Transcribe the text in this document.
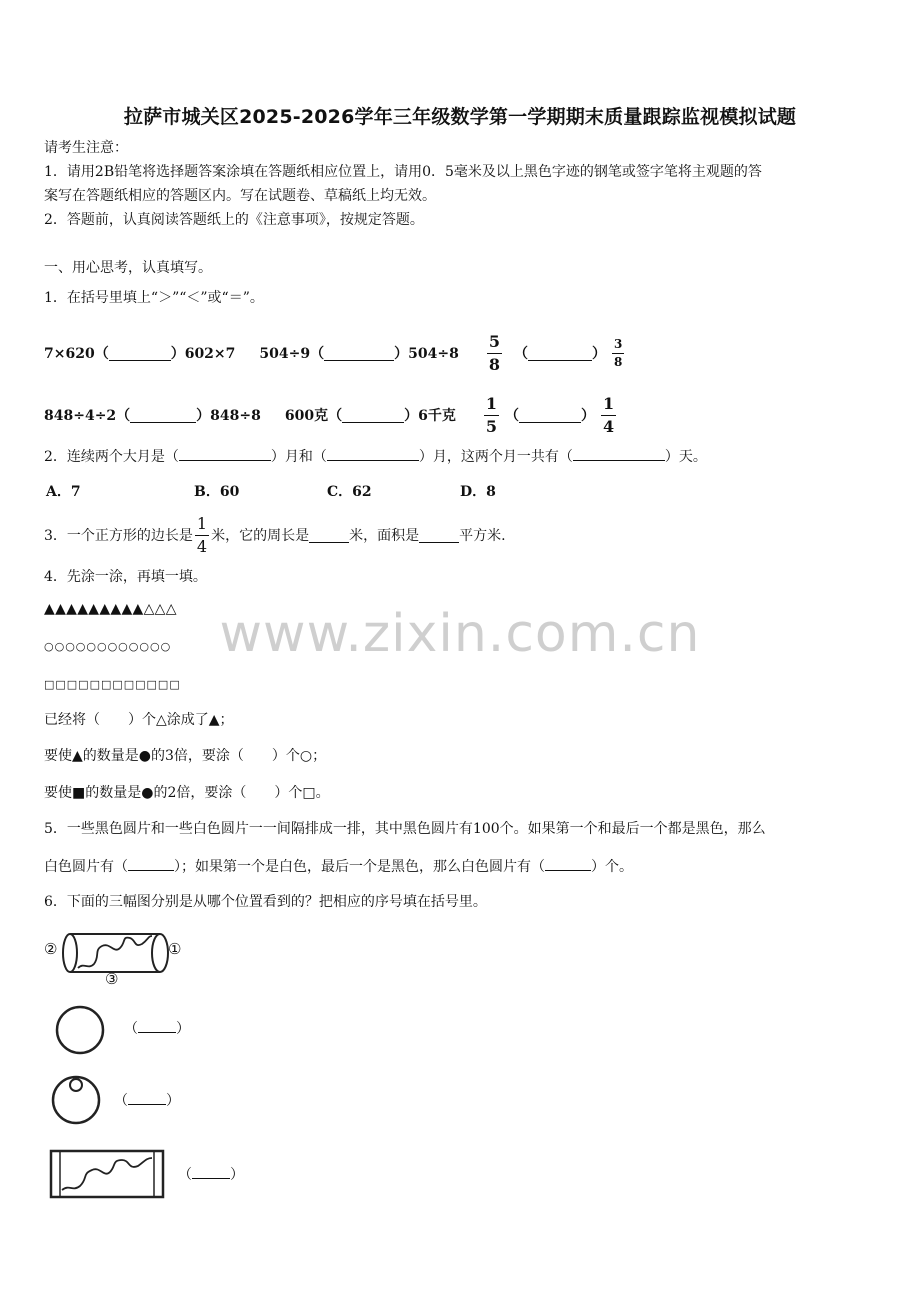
拉萨市城关区2025-2026学年三年级数学第一学期期末质量跟踪监视模拟试题
请考生注意：
1．请用2B铅笔将选择题答案涂填在答题纸相应位置上，请用0．5毫米及以上黑色字迹的钢笔或签字笔将主观题的答
案写在答题纸相应的答题区内。写在试题卷、草稿纸上均无效。
2．答题前，认真阅读答题纸上的《注意事项》，按规定答题。
一、用心思考，认真填写。
1．在括号里填上“＞”“＜”或“＝”。
7×620（	）602×7 504÷9（	）$504\div 8 \frac{5}{8}$ （	） $\frac{3}{8}$
848÷4÷2（	）848÷8 600克（	）6千克 $\frac{1}{5}$ （	） $\frac{1}{4}$
2．连续两个大月是（	）月和（	）月，这两个月一共有（	）天。
A．7	B．60	C．62	D．8
3．一个正方形的边长是 $\frac{1}{4}$ 米，它的周长是	米，面积是	平方米.
4．先涂一涂，再填一填。
▲▲▲▲▲▲▲▲▲△△△
○○○○○○○○○○○○
□□□□□□□□□□□□
www.zixin.com.cn
已经将（　　）个△涂成了▲；
要使▲的数量是●的3倍，要涂（　　）个○；
要使■的数量是●的2倍，要涂（　　）个□。
5．一些黑色圆片和一些白色圆片一一间隔排成一排，其中黑色圆片有100个。如果第一个和最后一个都是黑色，那么
白色圆片有（	）；如果第一个是白色，最后一个是黑色，那么白色圆片有（	）个。
6．下面的三幅图分别是从哪个位置看到的？把相应的序号填在括号里。
②	①
③
（	）
（	）
（	）
